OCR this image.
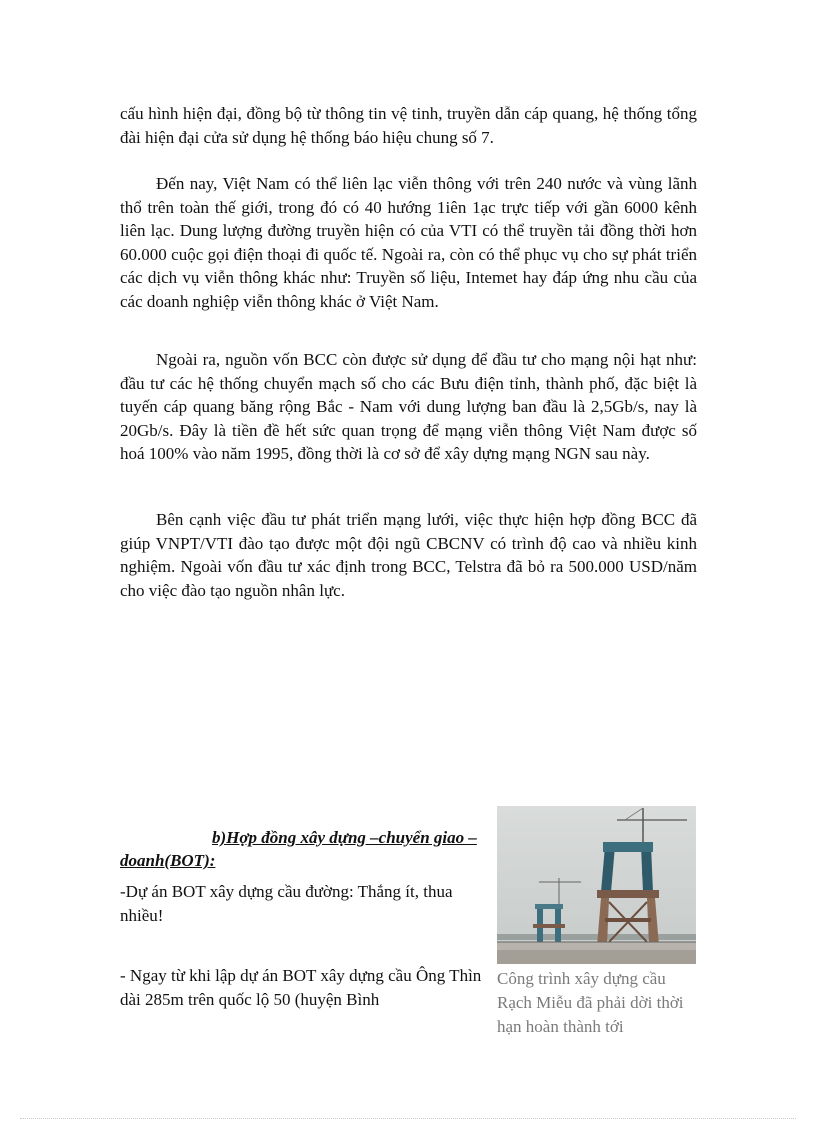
cấu hình hiện đại, đồng bộ từ thông tin vệ tinh, truyền dẫn cáp quang, hệ thống tổng đài hiện đại cửa sử dụng hệ thống báo hiệu chung số 7.

Đến nay, Việt Nam có thể liên lạc viễn thông với trên 240 nước và vùng lãnh thổ trên toàn thế giới, trong đó có 40 hướng 1iên 1ạc trực tiếp với gần 6000 kênh liên lạc. Dung lượng đường truyền hiện có của VTI có thể truyền tải đồng thời hơn 60.000 cuộc gọi điện thoại đi quốc tế. Ngoài ra, còn có thể phục vụ cho sự phát triển các dịch vụ viễn thông khác như: Truyền số liệu, Intemet hay đáp ứng nhu cầu của các doanh nghiệp viễn thông khác ở Việt Nam.

Ngoài ra, nguồn vốn BCC còn được sử dụng để đầu tư cho mạng nội hạt như: đầu tư các hệ thống chuyển mạch số cho các Bưu điện tỉnh, thành phố, đặc biệt là tuyến cáp quang băng rộng Bắc - Nam với dung lượng ban đầu là 2,5Gb/s, nay là 20Gb/s. Đây là tiền đề hết sức quan trọng để mạng viễn thông Việt Nam được số hoá 100% vào năm 1995, đồng thời là cơ sở để xây dựng mạng NGN sau này.

Bên cạnh việc đầu tư phát triển mạng lưới, việc thực hiện hợp đồng BCC đã giúp VNPT/VTI đào tạo được một đội ngũ CBCNV có trình độ cao và nhiều kinh nghiệm. Ngoài vốn đầu tư xác định trong BCC, Telstra đã bỏ ra 500.000 USD/năm cho việc đào tạo nguồn nhân lực.

b)Hợp đồng xây dựng –chuyển giao –
doanh(BOT):

-Dự án BOT xây dựng cầu đường: Thắng ít, thua nhiều!

- Ngay từ khi lập dự án BOT xây dựng cầu Ông Thìn dài 285m trên quốc lộ 50 (huyện Bình

Công trình xây dựng cầu Rạch Miễu đã phải dời thời hạn hoàn thành tới
